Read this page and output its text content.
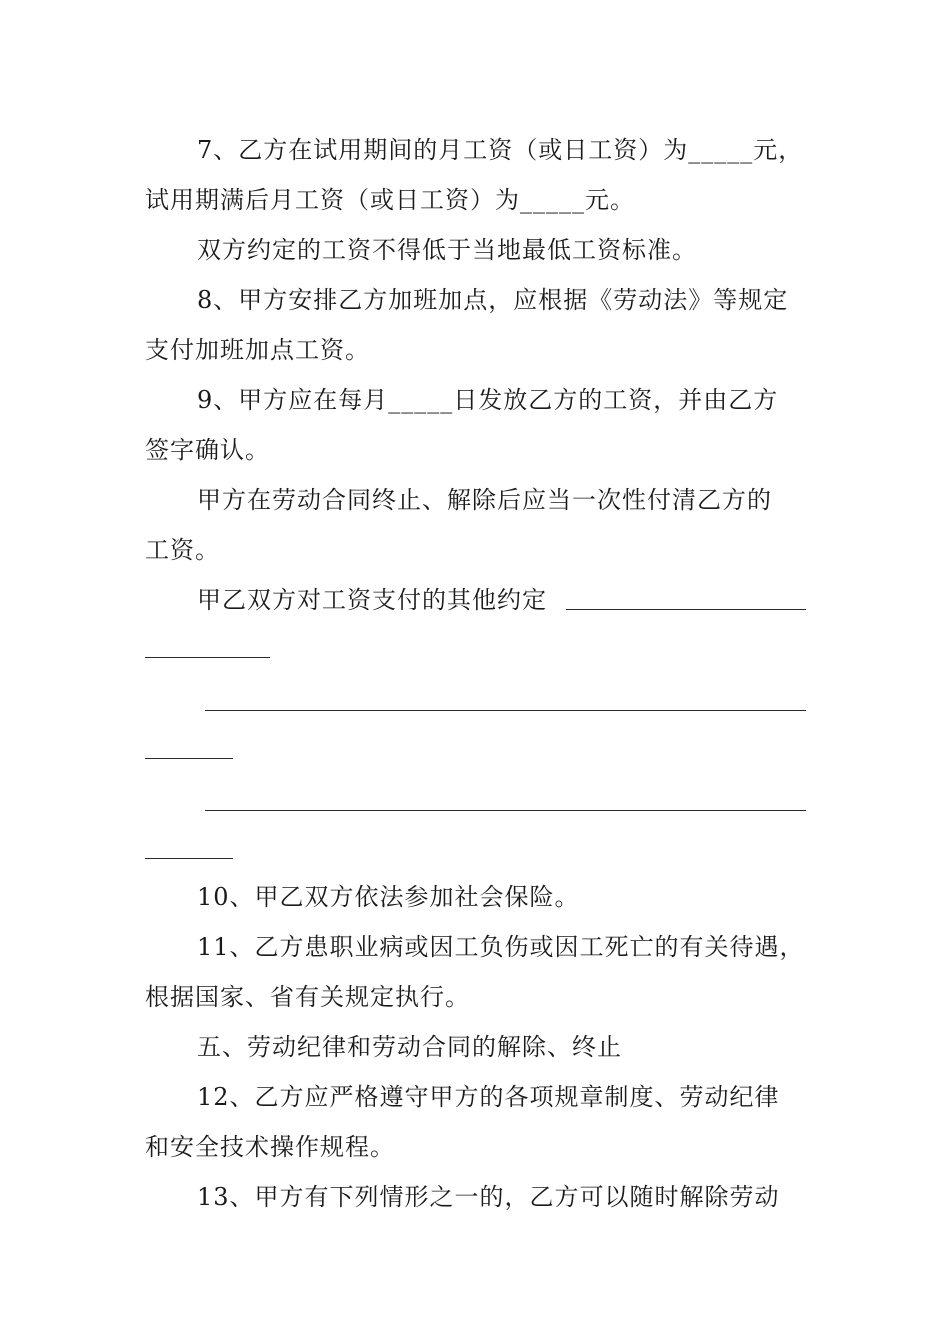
7、乙方在试用期间的月工资（或日工资）为_____元，
试用期满后月工资（或日工资）为_____元。
双方约定的工资不得低于当地最低工资标准。
8、甲方安排乙方加班加点，应根据《劳动法》等规定
支付加班加点工资。
9、甲方应在每月_____日发放乙方的工资，并由乙方
签字确认。
甲方在劳动合同终止、解除后应当一次性付清乙方的
工资。
甲乙双方对工资支付的其他约定
10、甲乙双方依法参加社会保险。
11、乙方患职业病或因工负伤或因工死亡的有关待遇，
根据国家、省有关规定执行。
五、劳动纪律和劳动合同的解除、终止
12、乙方应严格遵守甲方的各项规章制度、劳动纪律
和安全技术操作规程。
13、甲方有下列情形之一的，乙方可以随时解除劳动
